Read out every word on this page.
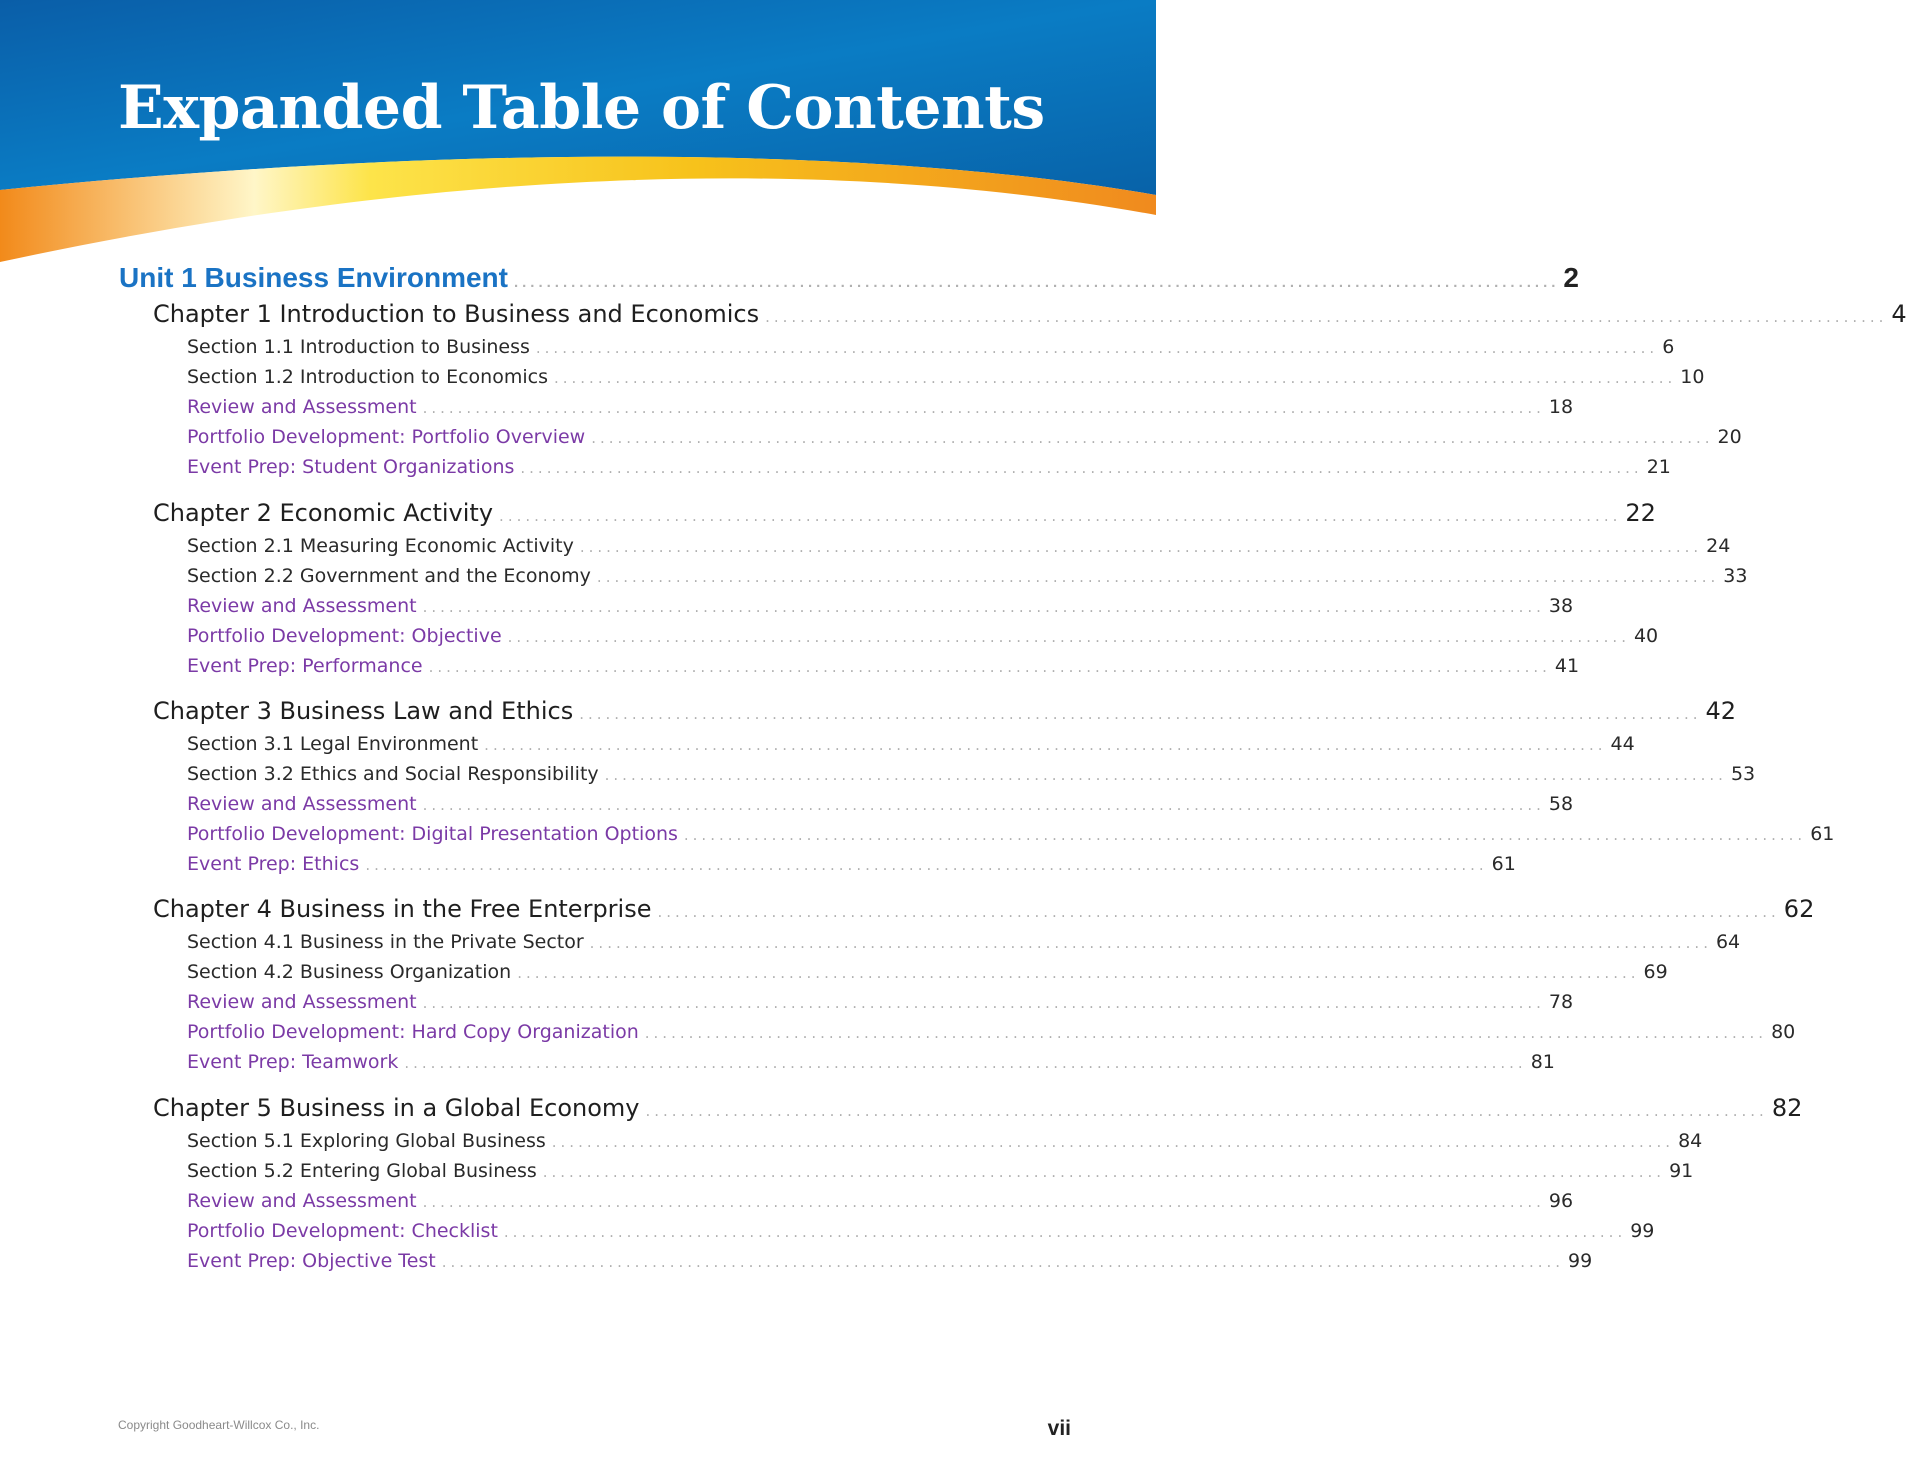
Expanded Table of Contents
Unit 1 Business Environment ................................................................................................................................ 2
Chapter 1 Introduction to Business and Economics ................................................................................................................................ 4
Section 1.1 Introduction to Business ................................................................................................................................ 6
Section 1.2 Introduction to Economics ................................................................................................................................ 10
Review and Assessment ................................................................................................................................ 18
Portfolio Development: Portfolio Overview ................................................................................................................................ 20
Event Prep: Student Organizations ................................................................................................................................ 21
Chapter 2 Economic Activity ................................................................................................................................ 22
Section 2.1 Measuring Economic Activity ................................................................................................................................ 24
Section 2.2 Government and the Economy ................................................................................................................................ 33
Review and Assessment ................................................................................................................................ 38
Portfolio Development: Objective ................................................................................................................................ 40
Event Prep: Performance ................................................................................................................................ 41
Chapter 3 Business Law and Ethics ................................................................................................................................ 42
Section 3.1 Legal Environment ................................................................................................................................ 44
Section 3.2 Ethics and Social Responsibility ................................................................................................................................ 53
Review and Assessment ................................................................................................................................ 58
Portfolio Development: Digital Presentation Options ................................................................................................................................ 61
Event Prep: Ethics ................................................................................................................................ 61
Chapter 4 Business in the Free Enterprise ................................................................................................................................ 62
Section 4.1 Business in the Private Sector ................................................................................................................................ 64
Section 4.2 Business Organization ................................................................................................................................ 69
Review and Assessment ................................................................................................................................ 78
Portfolio Development: Hard Copy Organization ................................................................................................................................ 80
Event Prep: Teamwork ................................................................................................................................ 81
Chapter 5 Business in a Global Economy ................................................................................................................................ 82
Section 5.1 Exploring Global Business ................................................................................................................................ 84
Section 5.2 Entering Global Business ................................................................................................................................ 91
Review and Assessment ................................................................................................................................ 96
Portfolio Development: Checklist ................................................................................................................................ 99
Event Prep: Objective Test ................................................................................................................................ 99
Copyright Goodheart-Willcox Co., Inc.	vii
